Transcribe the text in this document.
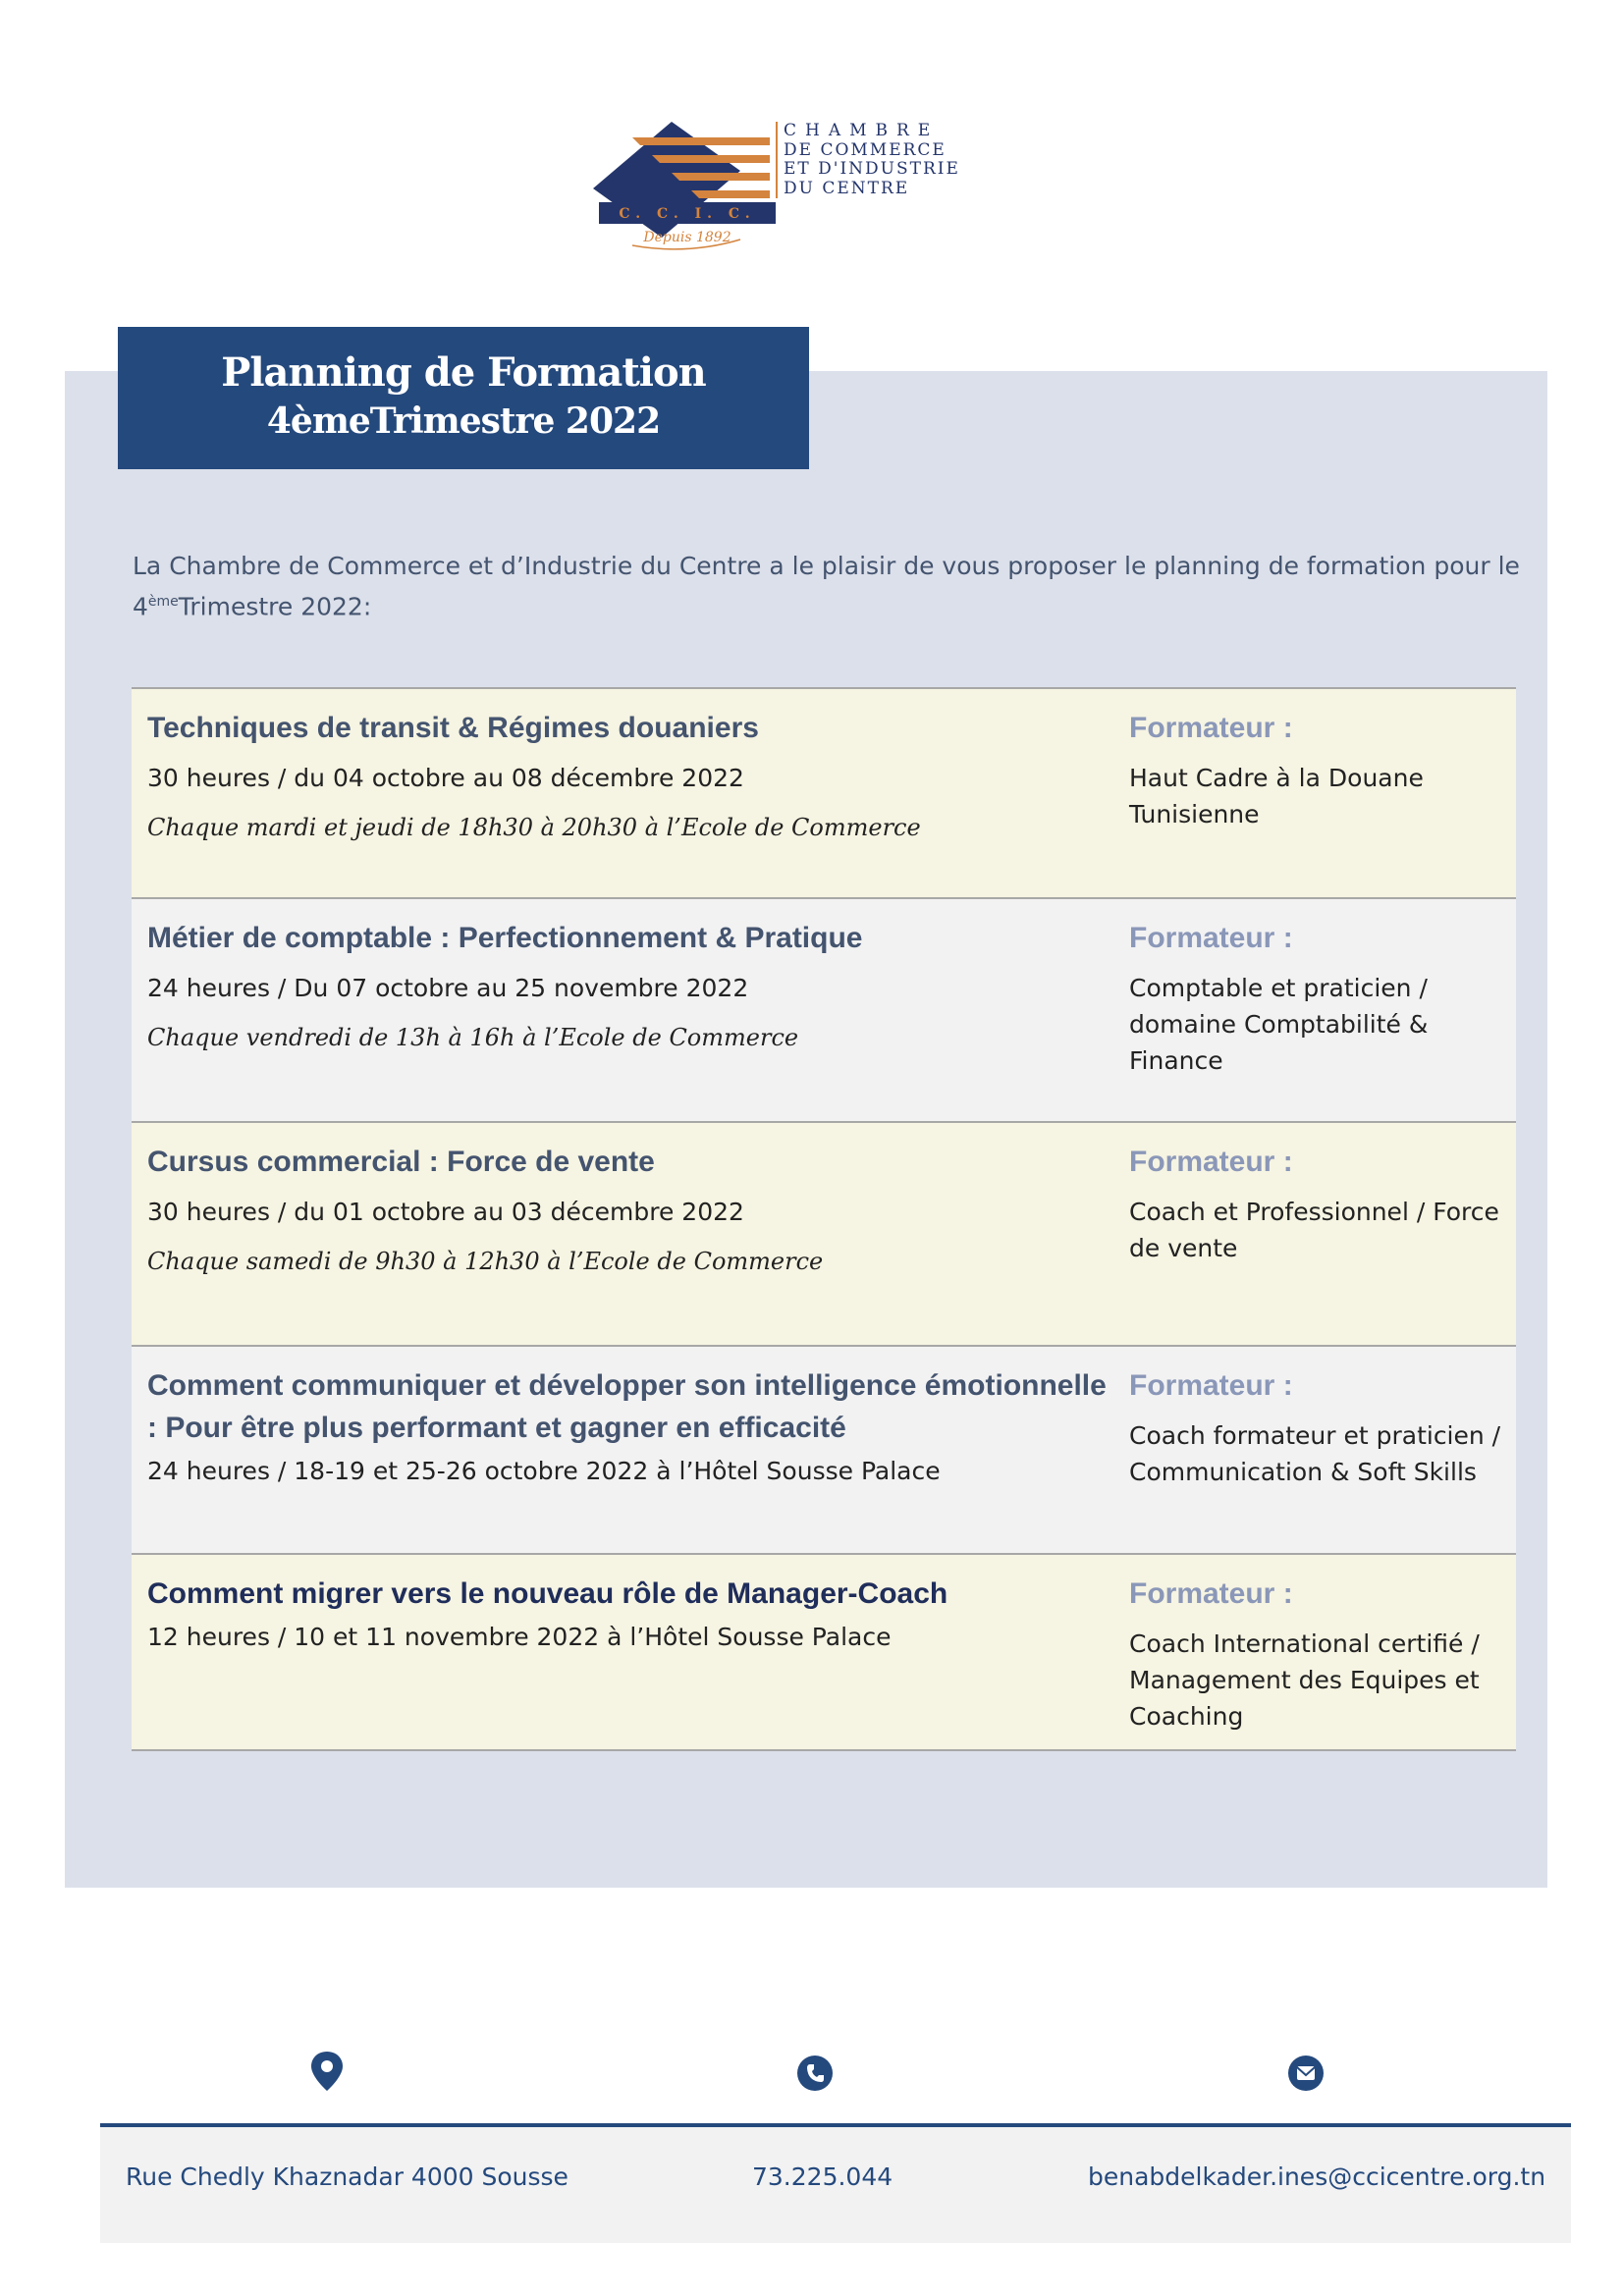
C. C. I. C.
Depuis 1892
CHAMBRE
DE COMMERCE
ET D'INDUSTRIE
DU CENTRE
Planning de Formation
4èmeTrimestre 2022
La Chambre de Commerce et d’Industrie du Centre a le plaisir de vous proposer le planning de formation pour le
4èmeTrimestre 2022:
Techniques de transit & Régimes douaniers
30 heures / du 04 octobre au 08 décembre 2022
Chaque mardi et jeudi de 18h30 à 20h30 à l’Ecole de Commerce
Formateur :
Haut Cadre à la Douane Tunisienne
Métier de comptable : Perfectionnement & Pratique
24 heures / Du 07 octobre au 25 novembre 2022
Chaque vendredi de 13h à 16h à l’Ecole de Commerce
Formateur :
Comptable et praticien / domaine Comptabilité & Finance
Cursus commercial : Force de vente
30 heures / du 01 octobre au 03 décembre 2022
Chaque samedi de 9h30 à 12h30 à l’Ecole de Commerce
Formateur :
Coach et Professionnel / Force de vente
Comment communiquer et développer son intelligence émotionnelle : Pour être plus performant et gagner en efficacité
24 heures / 18-19 et 25-26 octobre 2022 à l’Hôtel Sousse Palace
Formateur :
Coach formateur et praticien / Communication & Soft Skills
Comment migrer vers le nouveau rôle de Manager-Coach
12 heures / 10 et 11 novembre 2022 à l’Hôtel Sousse Palace
Formateur :
Coach International certifié / Management des Equipes et Coaching
Rue Chedly Khaznadar 4000 Sousse	73.225.044	benabdelkader.ines@ccicentre.org.tn
